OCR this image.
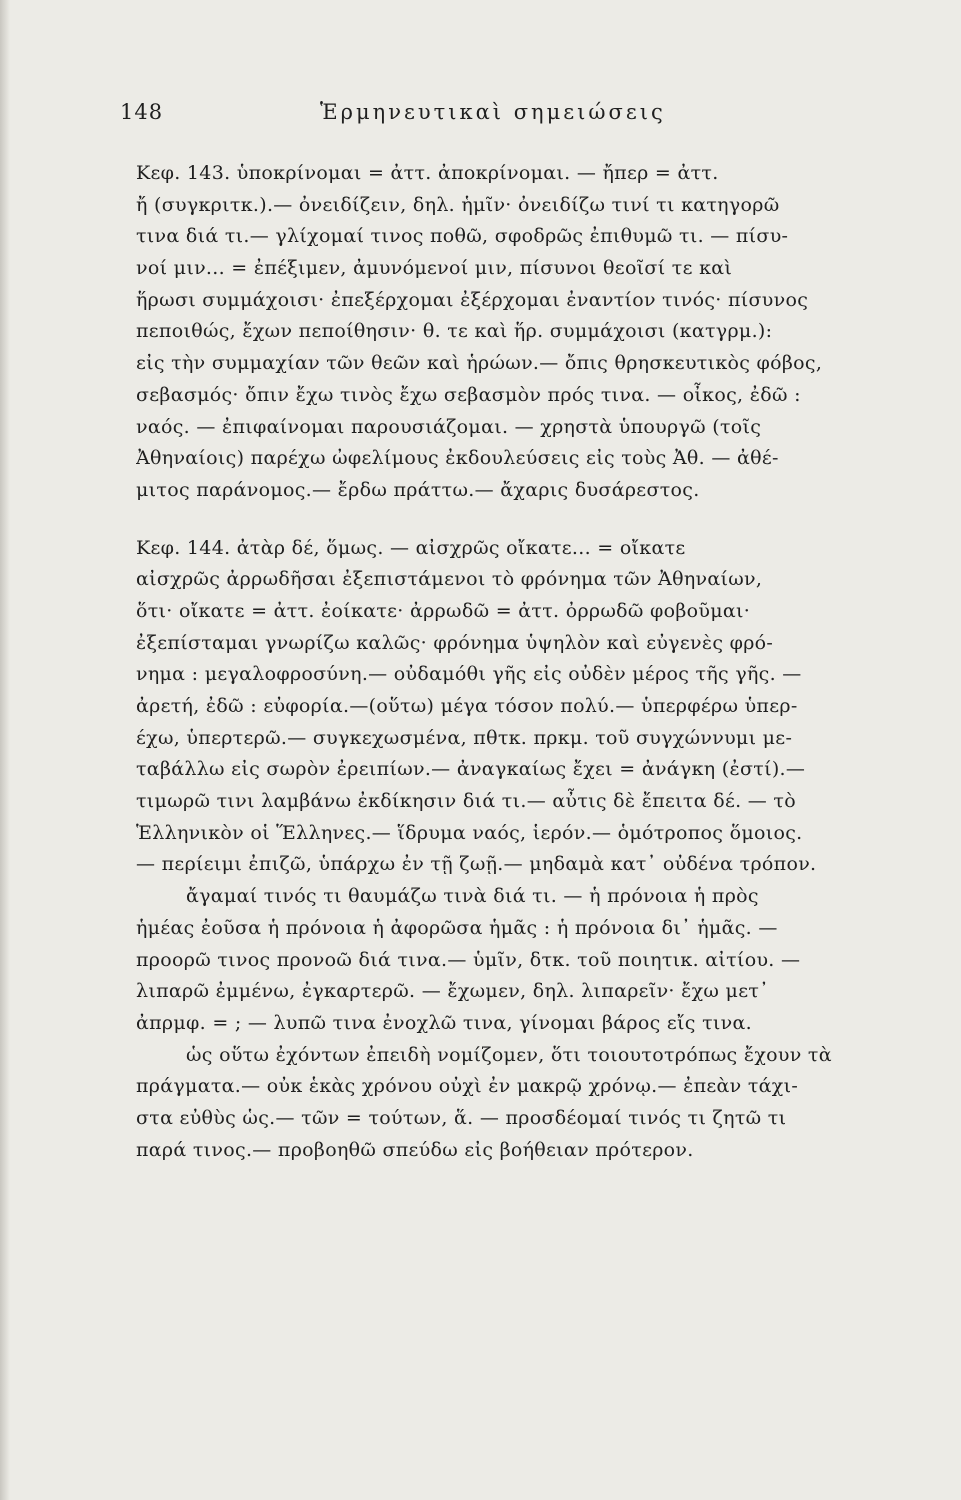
148	Ἑρμηνευτικαὶ σημειώσεις
Κεφ. 143. ὑποκρίνομαι = ἀττ. ἀποκρίνομαι. — ἤπερ = ἀττ.
ἤ (συγκριτκ.).— ὀνειδίζειν, δηλ. ἡμῖν· ὀνειδίζω τινί τι κατηγορῶ
τινα διά τι.— γλίχομαί τινος ποθῶ, σφοδρῶς ἐπιθυμῶ τι. — πίσυ-
νοί μιν... = ἐπέξιμεν, ἀμυνόμενοί μιν, πίσυνοι θεοῖσί τε καὶ
ἥρωσι συμμάχοισι· ἐπεξέρχομαι ἐξέρχομαι ἐναντίον τινός· πίσυνος
πεποιθώς, ἔχων πεποίθησιν· θ. τε καὶ ἥρ. συμμάχοισι (κατγρμ.):
εἰς τὴν συμμαχίαν τῶν θεῶν καὶ ἡρώων.— ὄπις θρησκευτικὸς φόβος,
σεβασμός· ὄπιν ἔχω τινὸς ἔχω σεβασμὸν πρός τινα. — οἶκος, ἐδῶ :
ναός. — ἐπιφαίνομαι παρουσιάζομαι. — χρηστὰ ὑπουργῶ (τοῖς
Ἀθηναίοις) παρέχω ὠφελίμους ἐκδουλεύσεις εἰς τοὺς Ἀθ. — ἀθέ-
μιτος παράνομος.— ἔρδω πράττω.— ἄχαρις δυσάρεστος.
Κεφ. 144. ἀτὰρ δέ, ὅμως. — αἰσχρῶς οἴκατε... = οἴκατε
αἰσχρῶς ἀρρωδῆσαι ἐξεπιστάμενοι τὸ φρόνημα τῶν Ἀθηναίων,
ὅτι· οἴκατε = ἀττ. ἐοίκατε· ἀρρωδῶ = ἀττ. ὀρρωδῶ φοβοῦμαι·
ἐξεπίσταμαι γνωρίζω καλῶς· φρόνημα ὑψηλὸν καὶ εὐγενὲς φρό-
νημα : μεγαλοφροσύνη.— οὐδαμόθι γῆς εἰς οὐδὲν μέρος τῆς γῆς. —
ἀρετή, ἐδῶ : εὐφορία.—(οὕτω) μέγα τόσον πολύ.— ὑπερφέρω ὑπερ-
έχω, ὑπερτερῶ.— συγκεχωσμένα, πθτκ. πρκμ. τοῦ συγχώννυμι με-
ταβάλλω εἰς σωρὸν ἐρειπίων.— ἀναγκαίως ἔχει = ἀνάγκη (ἐστί).—
τιμωρῶ τινι λαμβάνω ἐκδίκησιν διά τι.— αὖτις δὲ ἔπειτα δέ. — τὸ
Ἑλληνικὸν οἱ Ἕλληνες.— ἵδρυμα ναός, ἱερόν.— ὁμότροπος ὅμοιος.
— περίειμι ἐπιζῶ, ὑπάρχω ἐν τῇ ζωῇ.— μηδαμὰ κατ᾽ οὐδένα τρόπον.
ἄγαμαί τινός τι θαυμάζω τινὰ διά τι. — ἡ πρόνοια ἡ πρὸς
ἡμέας ἐοῦσα ἡ πρόνοια ἡ ἀφορῶσα ἡμᾶς : ἡ πρόνοια δι᾽ ἡμᾶς. —
προορῶ τινος προνοῶ διά τινα.— ὑμῖν, δτκ. τοῦ ποιητικ. αἰτίου. —
λιπαρῶ ἐμμένω, ἐγκαρτερῶ. — ἔχωμεν, δηλ. λιπαρεῖν· ἔχω μετ᾽
ἀπρμφ. = ; — λυπῶ τινα ἐνοχλῶ τινα, γίνομαι βάρος εἴς τινα.
ὡς οὕτω ἐχόντων ἐπειδὴ νομίζομεν, ὅτι τοιουτοτρόπως ἔχουν τὰ
πράγματα.— οὐκ ἑκὰς χρόνου οὐχὶ ἐν μακρῷ χρόνῳ.— ἐπεὰν τάχι-
στα εὐθὺς ὡς.— τῶν = τούτων, ἅ. — προσδέομαί τινός τι ζητῶ τι
παρά τινος.— προβοηθῶ σπεύδω εἰς βοήθειαν πρότερον.
